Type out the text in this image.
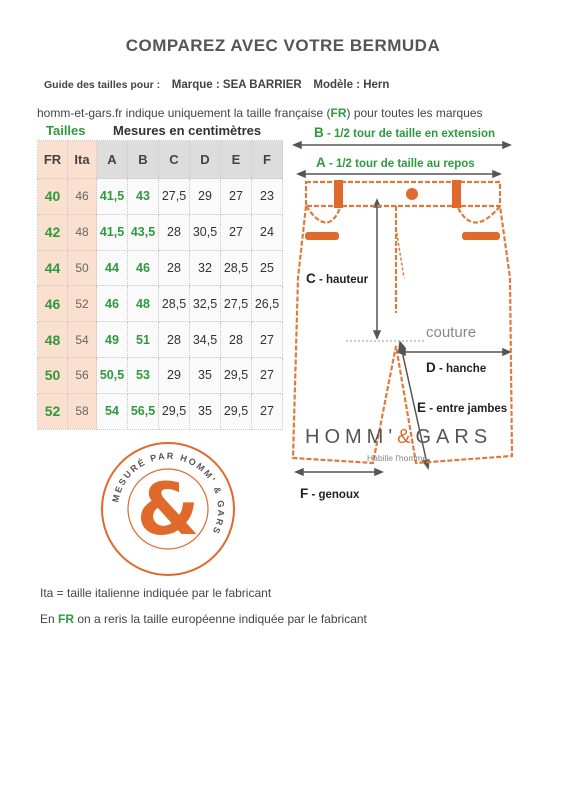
COMPAREZ AVEC VOTRE BERMUDA
Guide des tailles pour : Marque : SEA BARRIER Modèle : Hern
homm-et-gars.fr indique uniquement la taille française (FR) pour toutes les marques
Tailles Mesures en centimètres
FR	Ita	A	B	C	D	E	F
40	46	41,5	43	27,5	29	27	23
42	48	41,5	43,5	28	30,5	27	24
44	50	44	46	28	32	28,5	25
46	52	46	48	28,5	32,5	27,5	26,5
48	54	49	51	28	34,5	28	27
50	56	50,5	53	29	35	29,5	27
52	58	54	56,5	29,5	35	29,5	27
B - 1/2 tour de taille en extension
A - 1/2 tour de taille au repos
C - hauteur
couture
D - hanche
E - entre jambes
F - genoux
HOMM'&GARS
Habille l'homme
MESURÉ PAR HOMM' & GARS
&
Ita = taille italienne indiquée par le fabricant
En FR on a reris la taille européenne indiquée par le fabricant
